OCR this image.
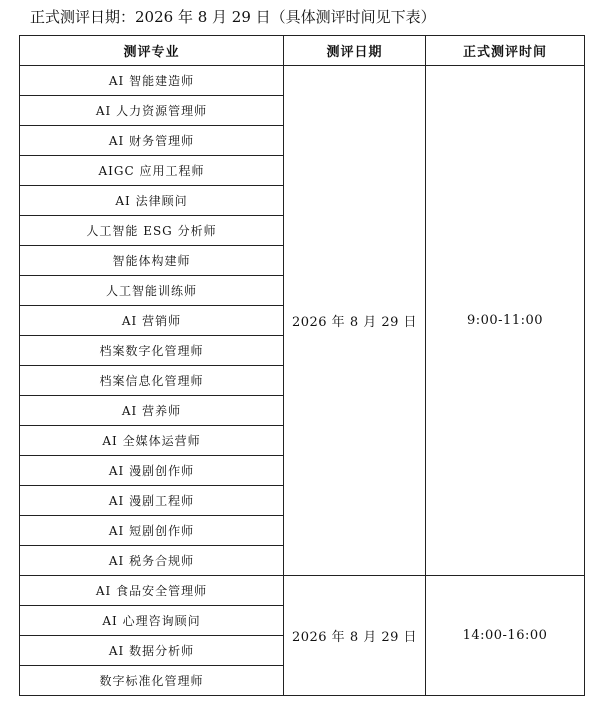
正式测评日期：2026 年 8 月 29 日（具体测评时间见下表）
测评专业	测评日期	正式测评时间
AI 智能建造师	2026 年 8 月 29 日	9:00-11:00
AI 人力资源管理师		
AI 财务管理师		
AIGC 应用工程师		
AI 法律顾问		
人工智能 ESG 分析师		
智能体构建师		
人工智能训练师		
AI 营销师		
档案数字化管理师		
档案信息化管理师		
AI 营养师		
AI 全媒体运营师		
AI 漫剧创作师		
AI 漫剧工程师		
AI 短剧创作师		
AI 税务合规师		
AI 食品安全管理师	2026 年 8 月 29 日	14:00-16:00
AI 心理咨询顾问		
AI 数据分析师		
数字标准化管理师		
